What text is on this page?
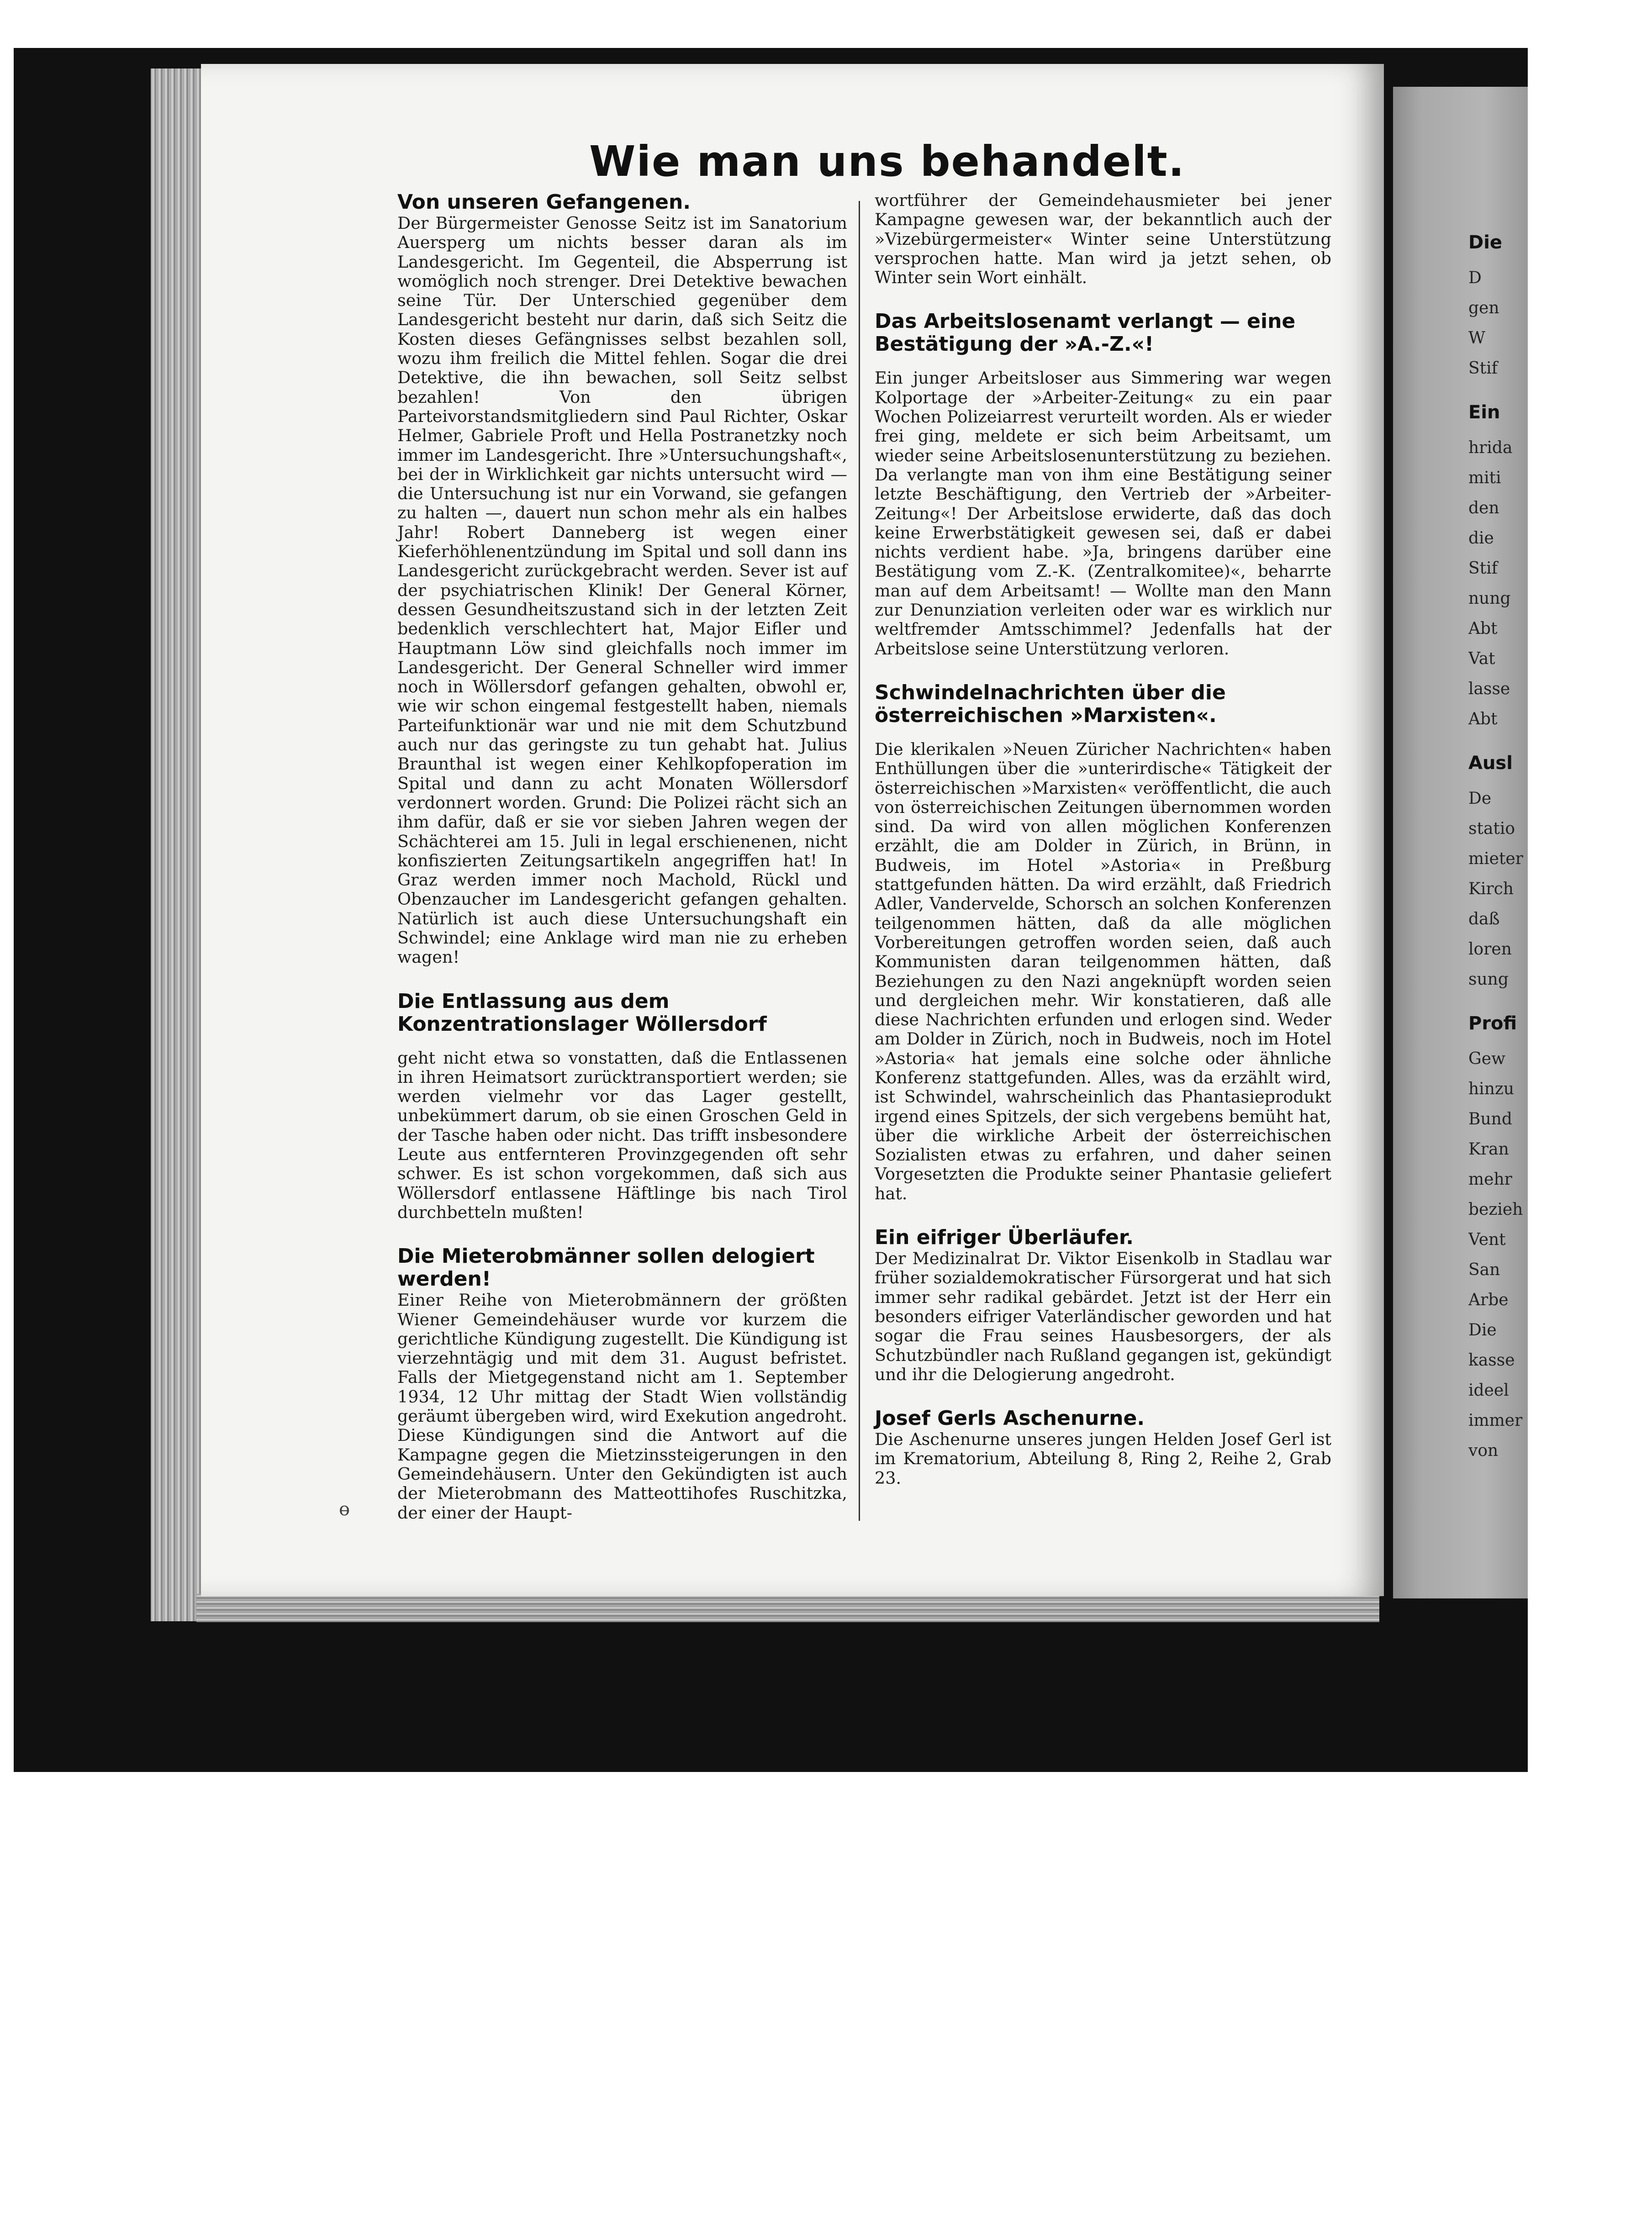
Die
D
gen
W
Stif
Ein
hrida
miti
den
die
Stif
nung
Abt
Vat
lasse
Abt
Ausl
De
statio
mieter
Kirch
daß
loren
sung
Profi
Gew
hinzu
Bund
Kran
mehr
bezieh
Vent
San
Arbe
Die
kasse
ideel
immer
von
Wie man uns behandelt.
Von unseren Gefangenen.

Der Bürgermeister Genosse Seitz ist im Sanatorium Auersperg um nichts besser daran als im Landesgericht. Im Gegenteil, die Absperrung ist womöglich noch strenger. Drei Detektive bewachen seine Tür. Der Unterschied gegenüber dem Landesgericht besteht nur darin, daß sich Seitz die Kosten dieses Gefängnisses selbst bezahlen soll, wozu ihm freilich die Mittel fehlen. Sogar die drei Detektive, die ihn bewachen, soll Seitz selbst bezahlen! Von den übrigen Parteivorstandsmitgliedern sind Paul Richter, Oskar Helmer, Gabriele Proft und Hella Postranetzky noch immer im Landesgericht. Ihre »Untersuchungshaft«, bei der in Wirklichkeit gar nichts untersucht wird — die Untersuchung ist nur ein Vorwand, sie gefangen zu halten —, dauert nun schon mehr als ein halbes Jahr! Robert Danneberg ist wegen einer Kieferhöhlenentzündung im Spital und soll dann ins Landesgericht zurückgebracht werden. Sever ist auf der psychiatrischen Klinik! Der General Körner, dessen Gesundheitszustand sich in der letzten Zeit bedenklich verschlechtert hat, Major Eifler und Hauptmann Löw sind gleichfalls noch immer im Landesgericht. Der General Schneller wird immer noch in Wöllersdorf gefangen gehalten, obwohl er, wie wir schon eingemal festgestellt haben, niemals Parteifunktionär war und nie mit dem Schutzbund auch nur das geringste zu tun gehabt hat. Julius Braunthal ist wegen einer Kehlkopfoperation im Spital und dann zu acht Monaten Wöllersdorf verdonnert worden. Grund: Die Polizei rächt sich an ihm dafür, daß er sie vor sieben Jahren wegen der Schächterei am 15. Juli in legal erschienenen, nicht konfiszierten Zeitungsartikeln angegriffen hat! In Graz werden immer noch Machold, Rückl und Obenzaucher im Landesgericht gefangen gehalten. Natürlich ist auch diese Untersuchungshaft ein Schwindel; eine Anklage wird man nie zu erheben wagen!

Die Entlassung aus dem Konzentrationslager Wöllersdorf

geht nicht etwa so vonstatten, daß die Entlassenen in ihren Heimatsort zurücktransportiert werden; sie werden vielmehr vor das Lager gestellt, unbekümmert darum, ob sie einen Groschen Geld in der Tasche haben oder nicht. Das trifft insbesondere Leute aus entfernteren Provinzgegenden oft sehr schwer. Es ist schon vorgekommen, daß sich aus Wöllersdorf entlassene Häftlinge bis nach Tirol durchbetteln mußten!

Die Mieterobmänner sollen delogiert werden!

Einer Reihe von Mieterobmännern der größten Wiener Gemeindehäuser wurde vor kurzem die gerichtliche Kündigung zugestellt. Die Kündigung ist vierzehntägig und mit dem 31. August befristet. Falls der Mietgegenstand nicht am 1. September 1934, 12 Uhr mittag der Stadt Wien vollständig geräumt übergeben wird, wird Exekution angedroht. Diese Kündigungen sind die Antwort auf die Kampagne gegen die Mietzinssteigerungen in den Gemeindehäusern. Unter den Gekündigten ist auch der Mieterobmann des Matteottihofes Ruschitzka, der einer der Haupt-

wortführer der Gemeindehausmieter bei jener Kampagne gewesen war, der bekanntlich auch der »Vizebürgermeister« Winter seine Unterstützung versprochen hatte. Man wird ja jetzt sehen, ob Winter sein Wort einhält.

Das Arbeitslosenamt verlangt — eine Bestätigung der »A.-Z.«!

Ein junger Arbeitsloser aus Simmering war wegen Kolportage der »Arbeiter-Zeitung« zu ein paar Wochen Polizeiarrest verurteilt worden. Als er wieder frei ging, meldete er sich beim Arbeitsamt, um wieder seine Arbeitslosenunterstützung zu beziehen. Da verlangte man von ihm eine Bestätigung seiner letzte Beschäftigung, den Vertrieb der »Arbeiter-Zeitung«! Der Arbeitslose erwiderte, daß das doch keine Erwerbstätigkeit gewesen sei, daß er dabei nichts verdient habe. »Ja, bringens darüber eine Bestätigung vom Z.-K. (Zentralkomitee)«, beharrte man auf dem Arbeitsamt! — Wollte man den Mann zur Denunziation verleiten oder war es wirklich nur weltfremder Amtsschimmel? Jedenfalls hat der Arbeitslose seine Unterstützung verloren.

Schwindelnachrichten über die österreichischen »Marxisten«.

Die klerikalen »Neuen Züricher Nachrichten« haben Enthüllungen über die »unterirdische« Tätigkeit der österreichischen »Marxisten« veröffentlicht, die auch von österreichischen Zeitungen übernommen worden sind. Da wird von allen möglichen Konferenzen erzählt, die am Dolder in Zürich, in Brünn, in Budweis, im Hotel »Astoria« in Preßburg stattgefunden hätten. Da wird erzählt, daß Friedrich Adler, Vandervelde, Schorsch an solchen Konferenzen teilgenommen hätten, daß da alle möglichen Vorbereitungen getroffen worden seien, daß auch Kommunisten daran teilgenommen hätten, daß Beziehungen zu den Nazi angeknüpft worden seien und dergleichen mehr. Wir konstatieren, daß alle diese Nachrichten erfunden und erlogen sind. Weder am Dolder in Zürich, noch in Budweis, noch im Hotel »Astoria« hat jemals eine solche oder ähnliche Konferenz stattgefunden. Alles, was da erzählt wird, ist Schwindel, wahrscheinlich das Phantasieprodukt irgend eines Spitzels, der sich vergebens bemüht hat, über die wirkliche Arbeit der österreichischen Sozialisten etwas zu erfahren, und daher seinen Vorgesetzten die Produkte seiner Phantasie geliefert hat.

Ein eifriger Überläufer.

Der Medizinalrat Dr. Viktor Eisenkolb in Stadlau war früher sozialdemokratischer Fürsorgerat und hat sich immer sehr radikal gebärdet. Jetzt ist der Herr ein besonders eifriger Vaterländischer geworden und hat sogar die Frau seines Hausbesorgers, der als Schutzbündler nach Rußland gegangen ist, gekündigt und ihr die Delogierung angedroht.

Josef Gerls Aschenurne.

Die Aschenurne unseres jungen Helden Josef Gerl ist im Krematorium, Abteilung 8, Ring 2, Reihe 2, Grab 23.

ɵ
